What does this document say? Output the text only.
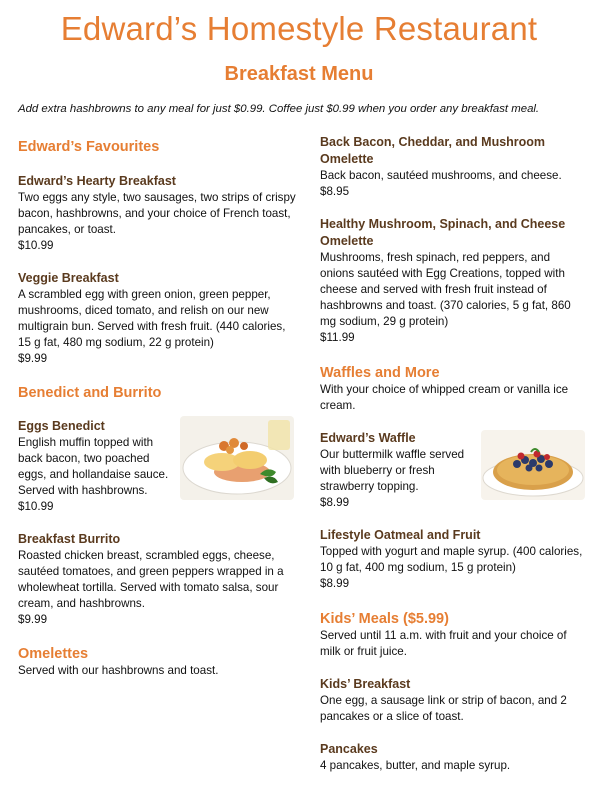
Edward’s Homestyle Restaurant
Breakfast Menu
Add extra hashbrowns to any meal for just $0.99. Coffee just $0.99 when you order any breakfast meal.
Edward’s Favourites
Edward’s Hearty Breakfast
Two eggs any style, two sausages, two strips of crispy bacon, hashbrowns, and your choice of French toast, pancakes, or toast.
$10.99
Veggie Breakfast
A scrambled egg with green onion, green pepper, mushrooms, diced tomato, and relish on our new multigrain bun. Served with fresh fruit. (440 calories, 15 g fat, 480 mg sodium, 22 g protein)
$9.99
Benedict and Burrito
Eggs Benedict
English muffin topped with back bacon, two poached eggs, and hollandaise sauce. Served with hashbrowns.
$10.99
Breakfast Burrito
Roasted chicken breast, scrambled eggs, cheese, sautéed tomatoes, and green peppers wrapped in a wholewheat tortilla. Served with tomato salsa, sour cream, and hashbrowns.
$9.99
Omelettes
Served with our hashbrowns and toast.
Back Bacon, Cheddar, and Mushroom Omelette
Back bacon, sautéed mushrooms, and cheese.
$8.95
Healthy Mushroom, Spinach, and Cheese Omelette
Mushrooms, fresh spinach, red peppers, and onions sautéed with Egg Creations, topped with cheese and served with fresh fruit instead of hashbrowns and toast. (370 calories, 5 g fat, 860 mg sodium, 29 g protein)
$11.99
Waffles and More
With your choice of whipped cream or vanilla ice cream.
Edward’s Waffle
Our buttermilk waffle served with blueberry or fresh strawberry topping.
$8.99
Lifestyle Oatmeal and Fruit
Topped with yogurt and maple syrup. (400 calories, 10 g fat, 400 mg sodium, 15 g protein)
$8.99
Kids’ Meals ($5.99)
Served until 11 a.m. with fruit and your choice of milk or fruit juice.
Kids’ Breakfast
One egg, a sausage link or strip of bacon, and 2 pancakes or a slice of toast.
Pancakes
4 pancakes, butter, and maple syrup.
